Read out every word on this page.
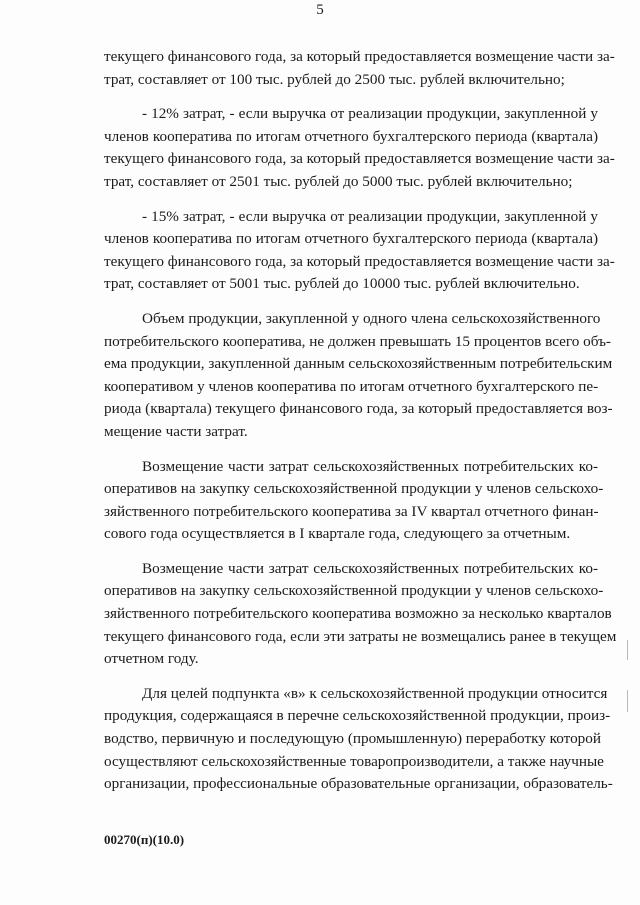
5
текущего финансового года, за который предоставляется возмещение части за-
трат, составляет от 100 тыс. рублей до 2500 тыс. рублей включительно;
- 12% затрат, - если выручка от реализации продукции, закупленной у
членов кооператива по итогам отчетного бухгалтерского периода (квартала)
текущего финансового года, за который предоставляется возмещение части за-
трат, составляет от 2501 тыс. рублей до 5000 тыс. рублей включительно;
- 15% затрат, - если выручка от реализации продукции, закупленной у
членов кооператива по итогам отчетного бухгалтерского периода (квартала)
текущего финансового года, за который предоставляется возмещение части за-
трат, составляет от 5001 тыс. рублей до 10000 тыс. рублей включительно.
Объем продукции, закупленной у одного члена сельскохозяйственного
потребительского кооператива, не должен превышать 15 процентов всего объ-
ема продукции, закупленной данным сельскохозяйственным потребительским
кооперативом у членов кооператива по итогам отчетного бухгалтерского пе-
риода (квартала) текущего финансового года, за который предоставляется воз-
мещение части затрат.
Возмещение части затрат сельскохозяйственных потребительских ко-
оперативов на закупку сельскохозяйственной продукции у членов сельскохо-
зяйственного потребительского кооператива за IV квартал отчетного финан-
сового года осуществляется в I квартале года, следующего за отчетным.
Возмещение части затрат сельскохозяйственных потребительских ко-
оперативов на закупку сельскохозяйственной продукции у членов сельскохо-
зяйственного потребительского кооператива возможно за несколько кварталов
текущего финансового года, если эти затраты не возмещались ранее в текущем
отчетном году.
Для целей подпункта «в» к сельскохозяйственной продукции относится
продукция, содержащаяся в перечне сельскохозяйственной продукции, произ-
водство, первичную и последующую (промышленную) переработку которой
осуществляют сельскохозяйственные товаропроизводители, а также научные
организации, профессиональные образовательные организации, образователь-
00270(п)(10.0)
